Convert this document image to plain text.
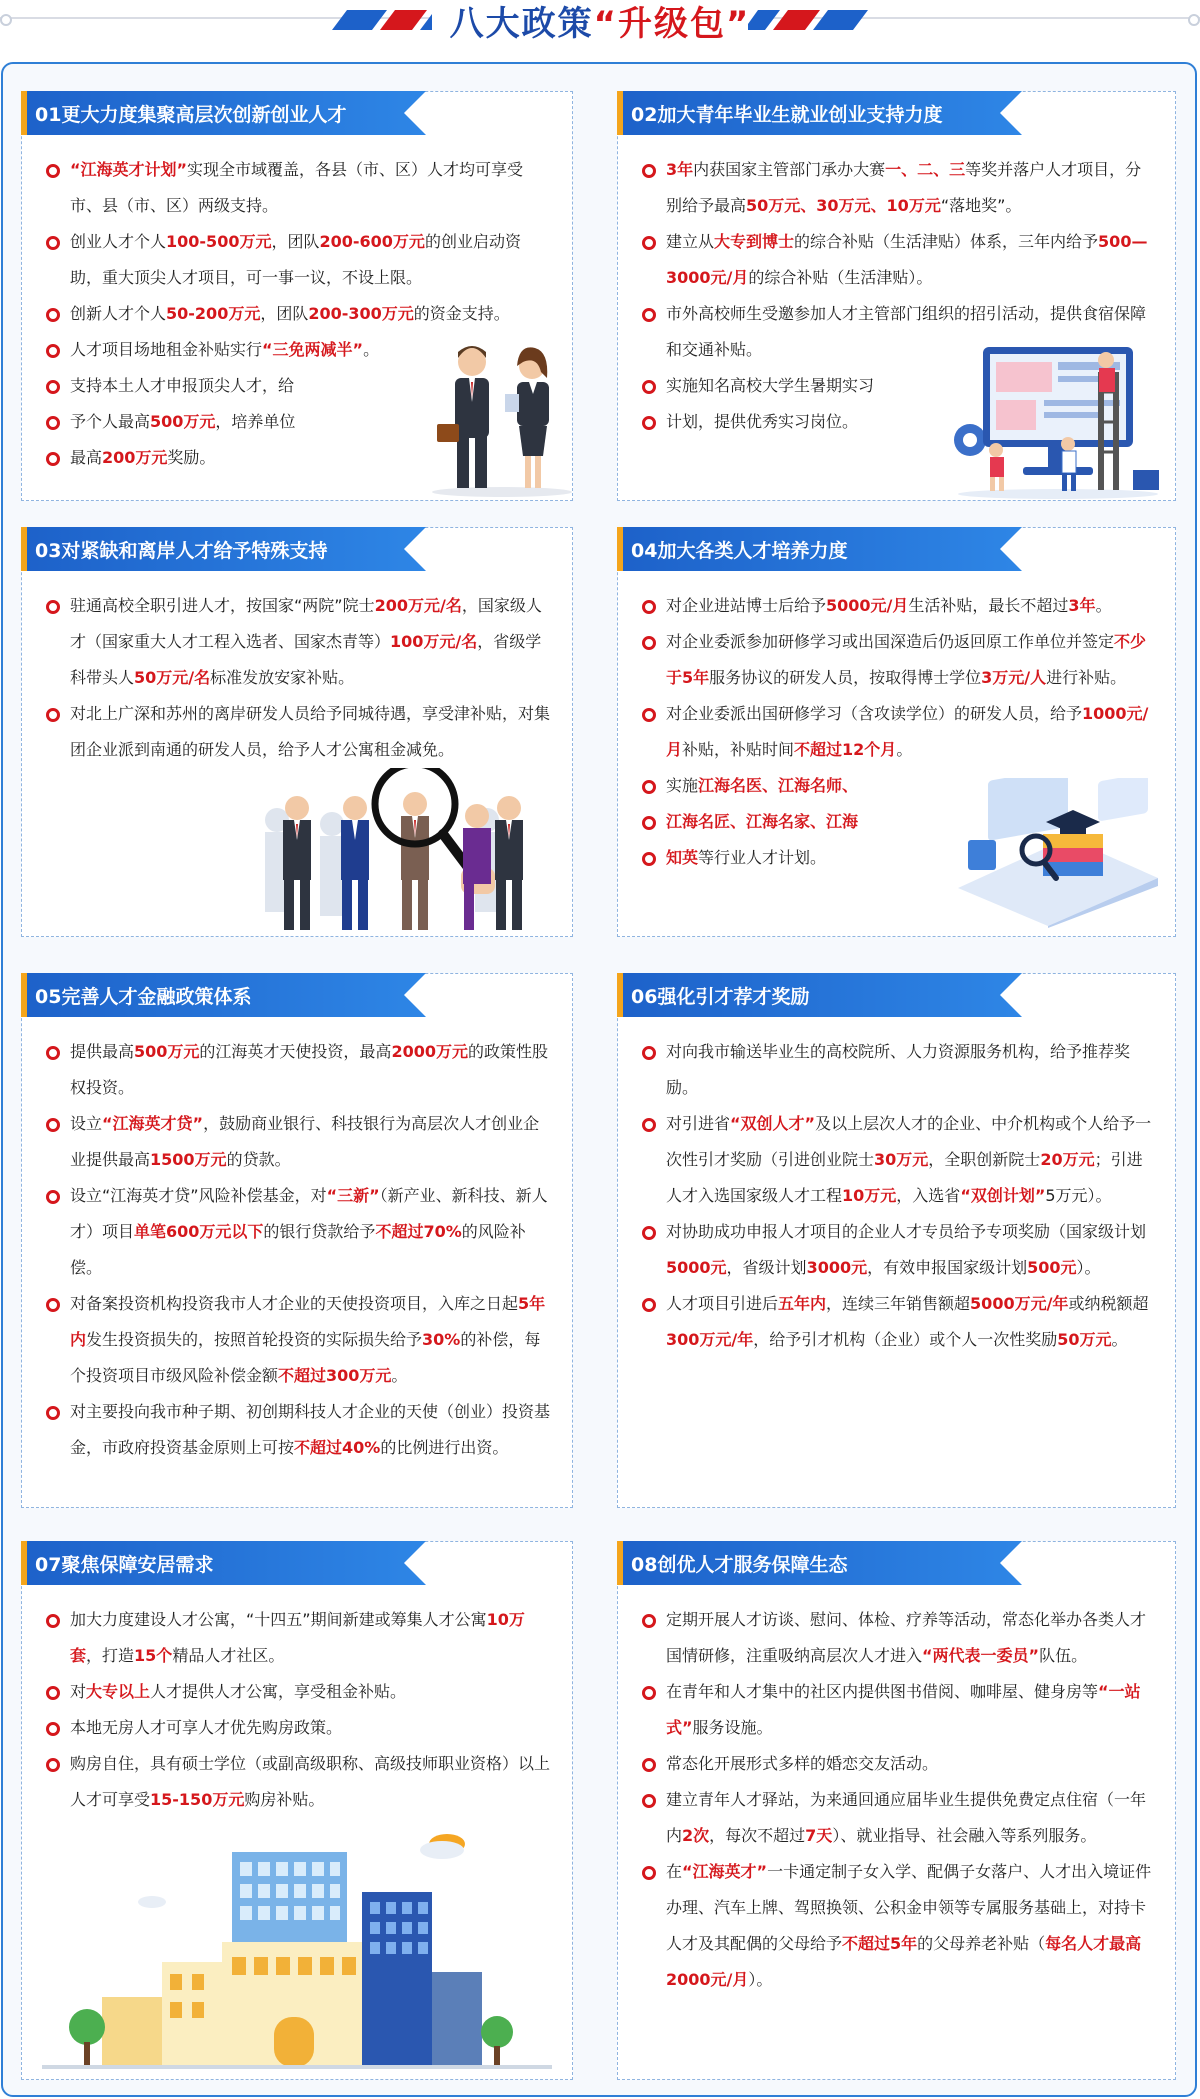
八大政策“升级包”
01更大力度集聚高层次创新创业人才
“江海英才计划”实现全市域覆盖，各县（市、区）人才均可享受市、县（市、区）两级支持。
创业人才个人100-500万元，团队200-600万元的创业启动资助，重大顶尖人才项目，可一事一议，不设上限。
创新人才个人50-200万元，团队200-300万元的资金支持。
人才项目场地租金补贴实行“三免两减半”。
支持本土人才申报顶尖人才，给
予个人最高500万元，培养单位
最高200万元奖励。
02加大青年毕业生就业创业支持力度
3年内获国家主管部门承办大赛一、二、三等奖并落户人才项目，分别给予最高50万元、30万元、10万元“落地奖”。
建立从大专到博士的综合补贴（生活津贴）体系，三年内给予500—3000元/月的综合补贴（生活津贴）。
市外高校师生受邀参加人才主管部门组织的招引活动，提供食宿保障和交通补贴。
实施知名高校大学生暑期实习
计划，提供优秀实习岗位。
03对紧缺和离岸人才给予特殊支持
驻通高校全职引进人才，按国家“两院”院士200万元/名，国家级人才（国家重大人才工程入选者、国家杰青等）100万元/名，省级学科带头人50万元/名标准发放安家补贴。
对北上广深和苏州的离岸研发人员给予同城待遇，享受津补贴，对集团企业派到南通的研发人员，给予人才公寓租金减免。
04加大各类人才培养力度
对企业进站博士后给予5000元/月生活补贴，最长不超过3年。
对企业委派参加研修学习或出国深造后仍返回原工作单位并签定不少于5年服务协议的研发人员，按取得博士学位3万元/人进行补贴。
对企业委派出国研修学习（含攻读学位）的研发人员，给予1000元/月补贴，补贴时间不超过12个月。
实施江海名医、江海名师、
江海名匠、江海名家、江海
知英等行业人才计划。
05完善人才金融政策体系
提供最高500万元的江海英才天使投资，最高2000万元的政策性股权投资。
设立“江海英才贷”，鼓励商业银行、科技银行为高层次人才创业企业提供最高1500万元的贷款。
设立“江海英才贷”风险补偿基金，对“三新”（新产业、新科技、新人才）项目单笔600万元以下的银行贷款给予不超过70%的风险补偿。
对备案投资机构投资我市人才企业的天使投资项目，入库之日起5年内发生投资损失的，按照首轮投资的实际损失给予30%的补偿，每个投资项目市级风险补偿金额不超过300万元。
对主要投向我市种子期、初创期科技人才企业的天使（创业）投资基金，市政府投资基金原则上可按不超过40%的比例进行出资。
06强化引才荐才奖励
对向我市输送毕业生的高校院所、人力资源服务机构，给予推荐奖励。
对引进省“双创人才”及以上层次人才的企业、中介机构或个人给予一次性引才奖励（引进创业院士30万元，全职创新院士20万元；引进人才入选国家级人才工程10万元，入选省“双创计划”5万元）。
对协助成功申报人才项目的企业人才专员给予专项奖励（国家级计划5000元，省级计划3000元，有效申报国家级计划500元）。
人才项目引进后五年内，连续三年销售额超5000万元/年或纳税额超300万元/年，给予引才机构（企业）或个人一次性奖励50万元。
07聚焦保障安居需求
加大力度建设人才公寓，“十四五”期间新建或筹集人才公寓10万套，打造15个精品人才社区。
对大专以上人才提供人才公寓，享受租金补贴。
本地无房人才可享人才优先购房政策。
购房自住，具有硕士学位（或副高级职称、高级技师职业资格）以上人才可享受15-150万元购房补贴。
08创优人才服务保障生态
定期开展人才访谈、慰问、体检、疗养等活动，常态化举办各类人才国情研修，注重吸纳高层次人才进入“两代表一委员”队伍。
在青年和人才集中的社区内提供图书借阅、咖啡屋、健身房等“一站式”服务设施。
常态化开展形式多样的婚恋交友活动。
建立青年人才驿站，为来通回通应届毕业生提供免费定点住宿（一年内2次，每次不超过7天）、就业指导、社会融入等系列服务。
在“江海英才”一卡通定制子女入学、配偶子女落户、人才出入境证件办理、汽车上牌、驾照换领、公积金申领等专属服务基础上，对持卡人才及其配偶的父母给予不超过5年的父母养老补贴（每名人才最高 2000元/月）。
